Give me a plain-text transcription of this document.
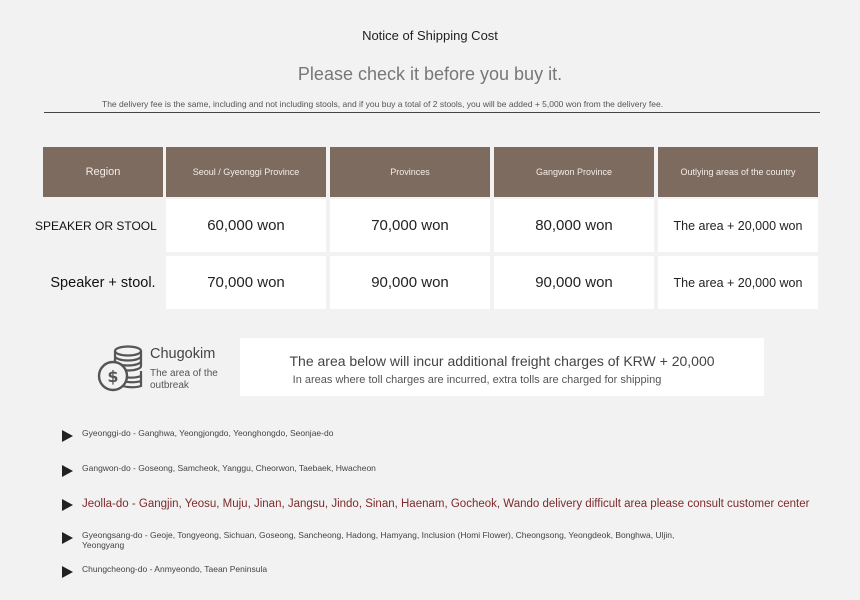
Notice of Shipping Cost
Please check it before you buy it.
The delivery fee is the same, including and not including stools, and if you buy a total of 2 stools, you will be added + 5,000 won from the delivery fee.
Region	Seoul / Gyeonggi Province	Provinces	Gangwon Province	Outlying areas of the country
SPEAKER OR STOOL	60,000 won	70,000 won	80,000 won	The area + 20,000 won
Speaker + stool.	70,000 won	90,000 won	90,000 won	The area + 20,000 won
$
Chugokim
The area of the outbreak
The area below will incur additional freight charges of KRW + 20,000
In areas where toll charges are incurred, extra tolls are charged for shipping
Gyeonggi-do - Ganghwa, Yeongjongdo, Yeonghongdo, Seonjae-do
Gangwon-do - Goseong, Samcheok, Yanggu, Cheorwon, Taebaek, Hwacheon
Jeolla-do - Gangjin, Yeosu, Muju, Jinan, Jangsu, Jindo, Sinan, Haenam, Gocheok, Wando delivery difficult area please consult customer center
Gyeongsang-do - Geoje, Tongyeong, Sichuan, Goseong, Sancheong, Hadong, Hamyang, Inclusion (Homi Flower), Cheongsong, Yeongdeok, Bonghwa, Uljin, Yeongyang
Chungcheong-do - Anmyeondo, Taean Peninsula
